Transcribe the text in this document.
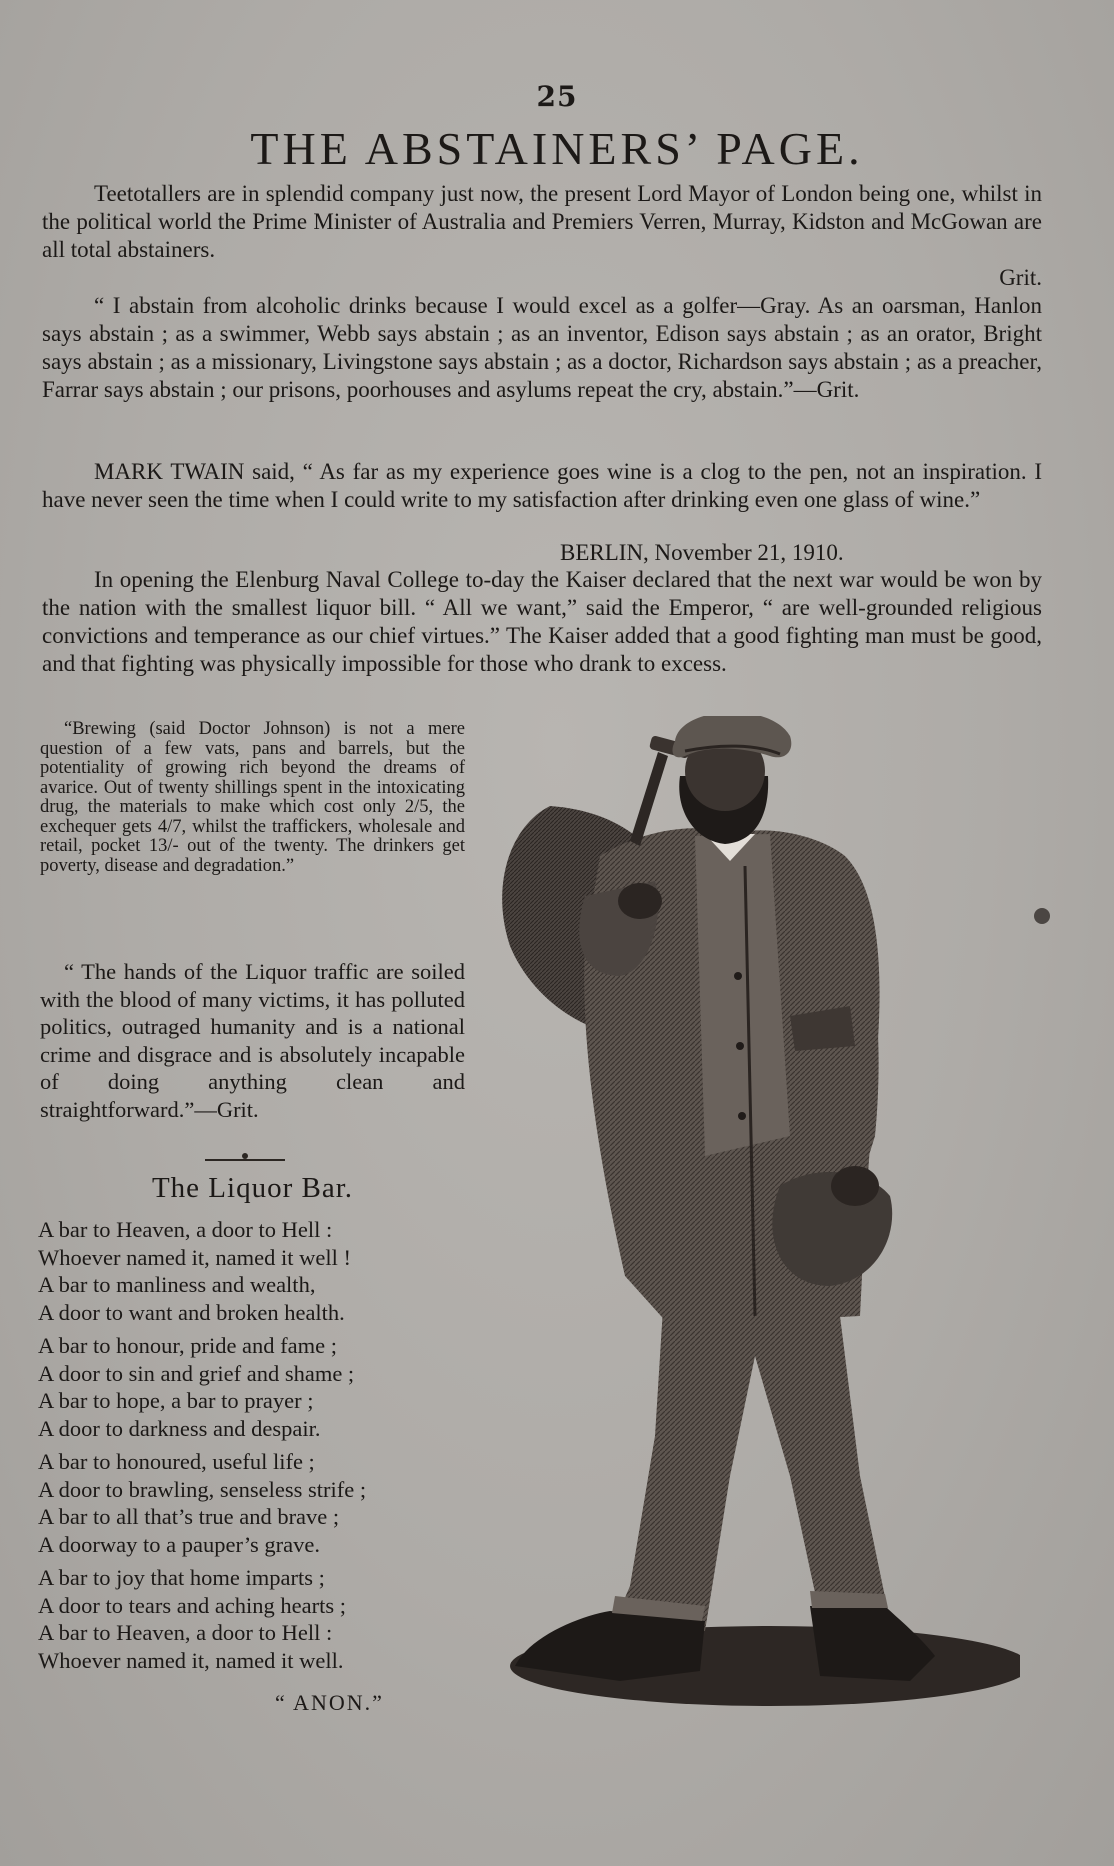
25
THE ABSTAINERS’ PAGE.

Teetotallers are in splendid company just now, the present Lord Mayor of London being one, whilst in the political world the Prime Minister of Australia and Premiers Verren, Murray, Kidston and McGowan are all total abstainers.

Grit.

“ I abstain from alcoholic drinks because I would excel as a golfer—Gray. As an oarsman, Hanlon says abstain ; as a swimmer, Webb says abstain ; as an inventor, Edison says abstain ; as an orator, Bright says abstain ; as a missionary, Livingstone says abstain ; as a doctor, Richardson says abstain ; as a preacher, Farrar says abstain ; our prisons, poorhouses and asylums repeat the cry, abstain.”—Grit.

MARK TWAIN said, “ As far as my experience goes wine is a clog to the pen, not an inspiration. I have never seen the time when I could write to my satisfaction after drinking even one glass of wine.”

BERLIN, November 21, 1910.

In opening the Elenburg Naval College to-day the Kaiser declared that the next war would be won by the nation with the smallest liquor bill. “ All we want,” said the Emperor, “ are well-grounded religious convictions and temperance as our chief virtues.” The Kaiser added that a good fighting man must be good, and that fighting was physically impossible for those who drank to excess.

“Brewing (said Doctor Johnson) is not a mere question of a few vats, pans and barrels, but the potentiality of growing rich beyond the dreams of avarice. Out of twenty shillings spent in the intoxicating drug, the materials to make which cost only 2/5, the exchequer gets 4/7, whilst the traffickers, wholesale and retail, pocket 13/- out of the twenty. The drinkers get poverty, disease and degradation.”

“ The hands of the Liquor traffic are soiled with the blood of many victims, it has polluted politics, outraged humanity and is a national crime and disgrace and is absolutely incapable of doing anything clean and straightforward.”—Grit.

The Liquor Bar.
A bar to Heaven, a door to Hell :
Whoever named it, named it well !
A bar to manliness and wealth,
A door to want and broken health.
A bar to honour, pride and fame ;
A door to sin and grief and shame ;
A bar to hope, a bar to prayer ;
A door to darkness and despair.
A bar to honoured, useful life ;
A door to brawling, senseless strife ;
A bar to all that’s true and brave ;
A doorway to a pauper’s grave.
A bar to joy that home imparts ;
A door to tears and aching hearts ;
A bar to Heaven, a door to Hell :
Whoever named it, named it well.
“ ANON.”
